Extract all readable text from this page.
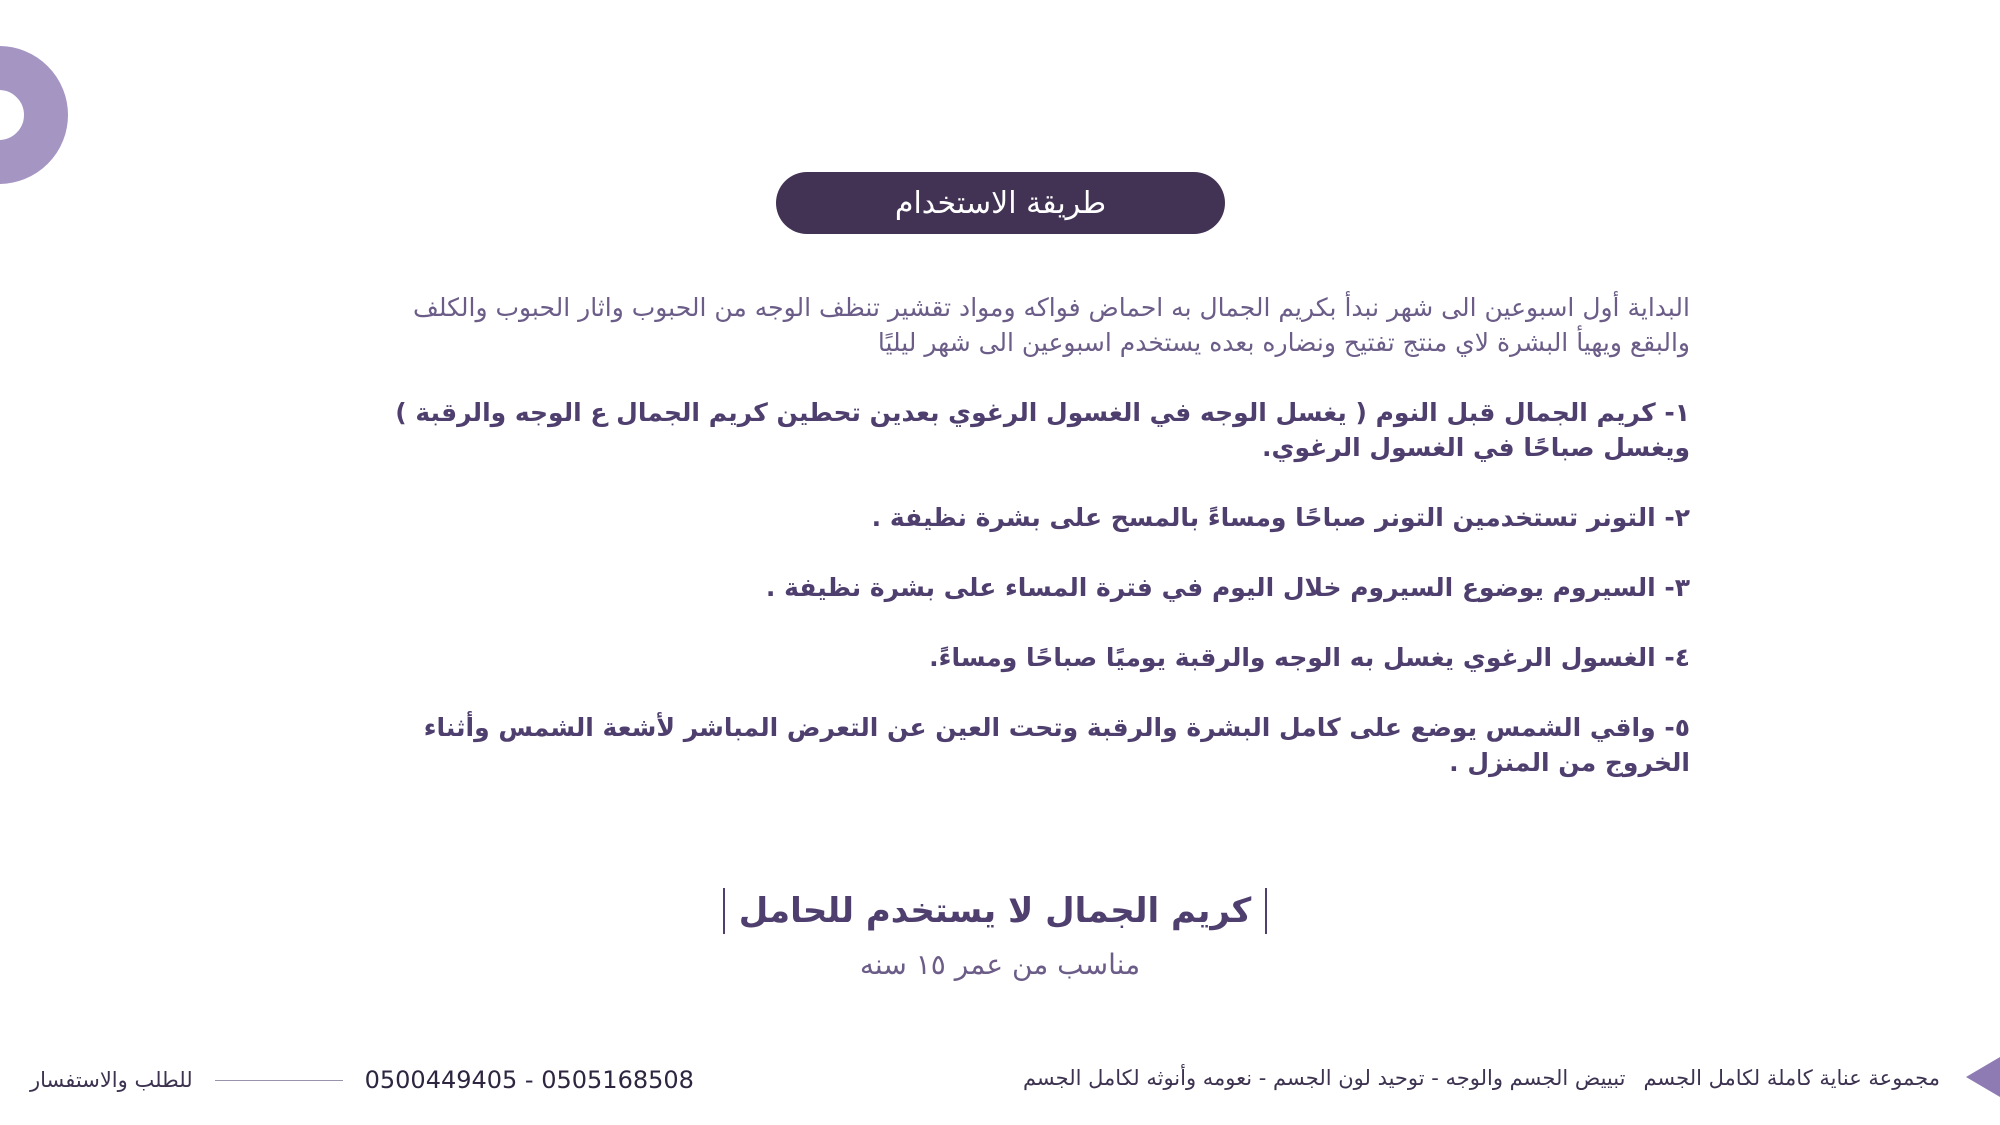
طريقة الاستخدام

البداية أول اسبوعين الى شهر نبدأ بكريم الجمال به احماض فواكه ومواد تقشير تنظف الوجه من الحبوب واثار الحبوب والكلف والبقع ويهيأ البشرة لاي منتج تفتيح ونضاره بعده يستخدم اسبوعين الى شهر ليليًا

١- كريم الجمال قبل النوم ( يغسل الوجه في الغسول الرغوي بعدين تحطين كريم الجمال ع الوجه والرقبة ) ويغسل صباحًا في الغسول الرغوي.

٢- التونر تستخدمين التونر صباحًا ومساءً بالمسح على بشرة نظيفة .

٣- السيروم يوضوع السيروم خلال اليوم في فترة المساء على بشرة نظيفة .

٤- الغسول الرغوي يغسل به الوجه والرقبة يوميًا صباحًا ومساءً.

٥- واقي الشمس يوضع على كامل البشرة والرقبة وتحت العين عن التعرض المباشر لأشعة الشمس وأثناء الخروج من المنزل .

كريم الجمال لا يستخدم للحامل
مناسب من عمر ١٥ سنه
للطلب والاستفسار	0500449405 - 0505168508	مجموعة عناية كاملة لكامل الجسم
تبييض الجسم والوجه - توحيد لون الجسم - نعومه وأنوثه لكامل الجسم
